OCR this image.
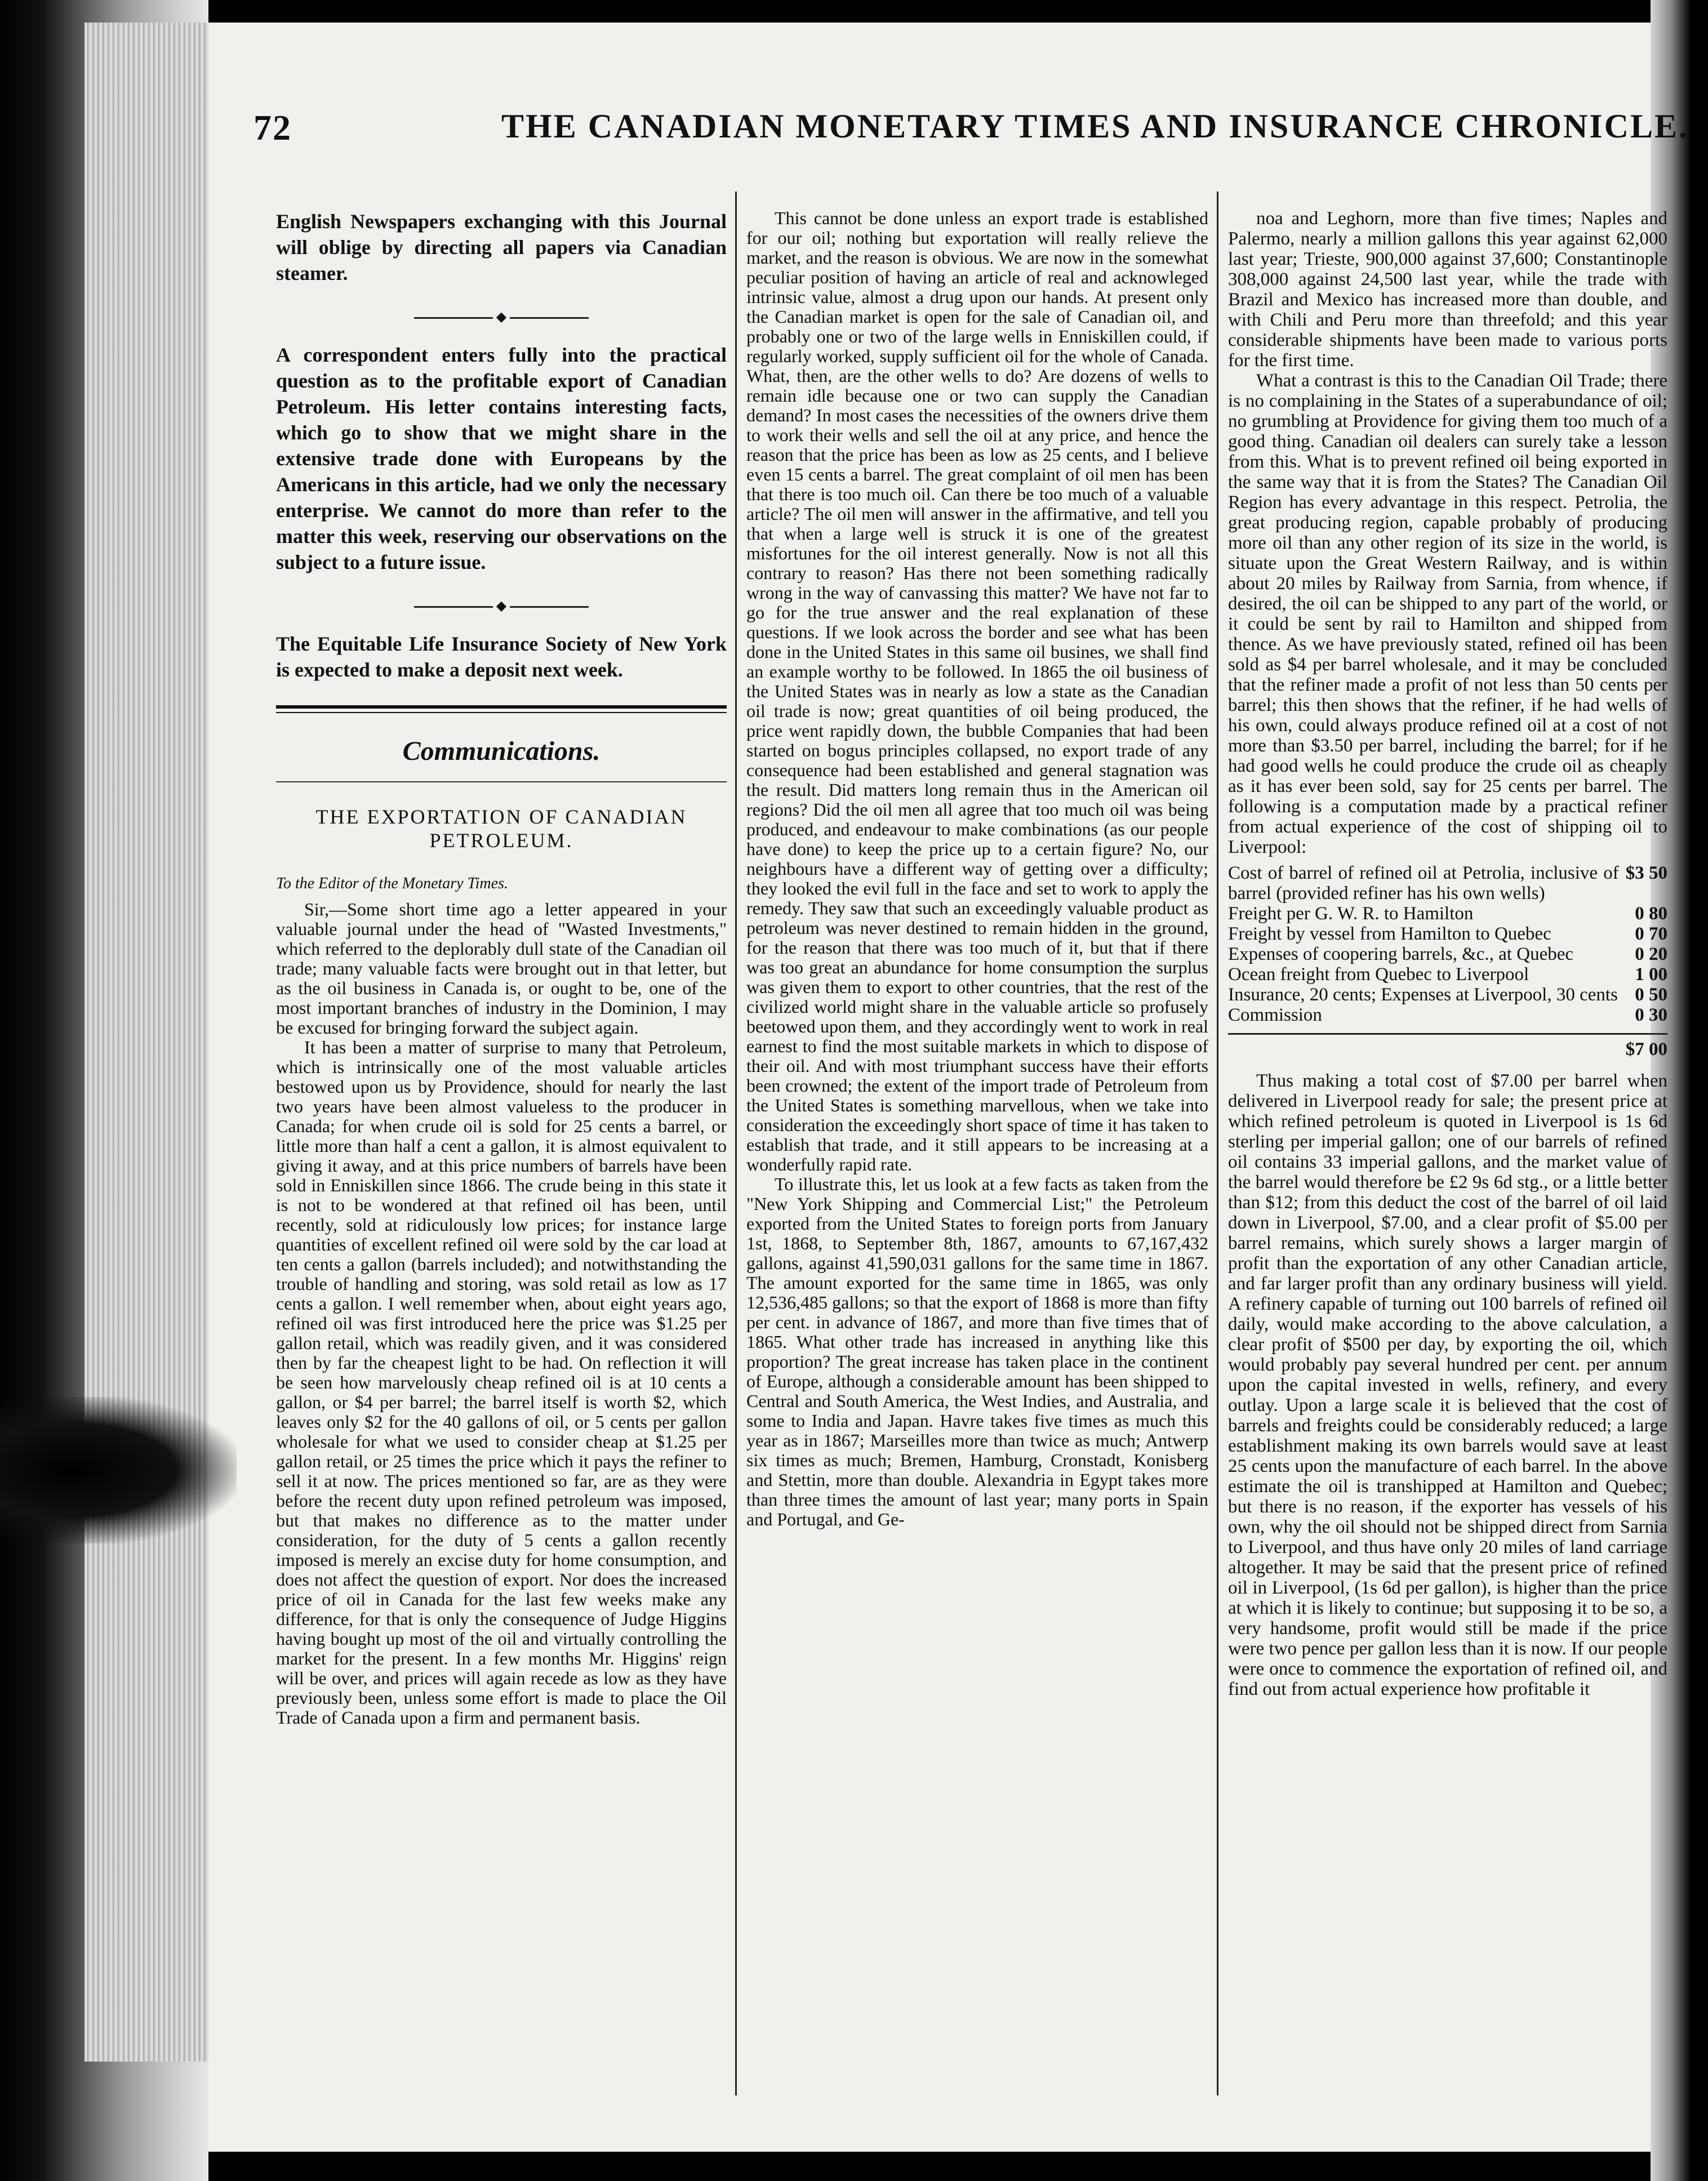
72	THE CANADIAN MONETARY TIMES AND INSURANCE CHRONICLE.

English Newspapers exchanging with this Journal will oblige by directing all papers via Canadian steamer.

◆

A correspondent enters fully into the practical question as to the profitable export of Canadian Petroleum. His letter contains interesting facts, which go to show that we might share in the extensive trade done with Europeans by the Americans in this article, had we only the necessary enterprise. We cannot do more than refer to the matter this week, reserving our observations on the subject to a future issue.

◆

The Equitable Life Insurance Society of New York is expected to make a deposit next week.

Communications.
THE EXPORTATION OF CANADIAN PETROLEUM.
To the Editor of the Monetary Times.

Sir,—Some short time ago a letter appeared in your valuable journal under the head of "Wasted Investments," which referred to the deplorably dull state of the Canadian oil trade; many valuable facts were brought out in that letter, but as the oil business in Canada is, or ought to be, one of the most important branches of industry in the Dominion, I may be excused for bringing forward the subject again.

It has been a matter of surprise to many that Petroleum, which is intrinsically one of the most valuable articles bestowed upon us by Providence, should for nearly the last two years have been almost valueless to the producer in Canada; for when crude oil is sold for 25 cents a barrel, or little more than half a cent a gallon, it is almost equivalent to giving it away, and at this price numbers of barrels have been sold in Enniskillen since 1866. The crude being in this state it is not to be wondered at that refined oil has been, until recently, sold at ridiculously low prices; for instance large quantities of excellent refined oil were sold by the car load at ten cents a gallon (barrels included); and notwithstanding the trouble of handling and storing, was sold retail as low as 17 cents a gallon. I well remember when, about eight years ago, refined oil was first introduced here the price was $1.25 per gallon retail, which was readily given, and it was considered then by far the cheapest light to be had. On reflection it will be seen how marvelously cheap refined oil is at 10 cents a gallon, or $4 per barrel; the barrel itself is worth $2, which leaves only $2 for the 40 gallons of oil, or 5 cents per gallon wholesale for what we used to consider cheap at $1.25 per gallon retail, or 25 times the price which it pays the refiner to sell it at now. The prices mentioned so far, are as they were before the recent duty upon refined petroleum was imposed, but that makes no difference as to the matter under consideration, for the duty of 5 cents a gallon recently imposed is merely an excise duty for home consumption, and does not affect the question of export. Nor does the increased price of oil in Canada for the last few weeks make any difference, for that is only the consequence of Judge Higgins having bought up most of the oil and virtually controlling the market for the present. In a few months Mr. Higgins' reign will be over, and prices will again recede as low as they have previously been, unless some effort is made to place the Oil Trade of Canada upon a firm and permanent basis.

This cannot be done unless an export trade is established for our oil; nothing but exportation will really relieve the market, and the reason is obvious. We are now in the somewhat peculiar position of having an article of real and acknowleged intrinsic value, almost a drug upon our hands. At present only the Canadian market is open for the sale of Canadian oil, and probably one or two of the large wells in Enniskillen could, if regularly worked, supply sufficient oil for the whole of Canada. What, then, are the other wells to do? Are dozens of wells to remain idle because one or two can supply the Canadian demand? In most cases the necessities of the owners drive them to work their wells and sell the oil at any price, and hence the reason that the price has been as low as 25 cents, and I believe even 15 cents a barrel. The great complaint of oil men has been that there is too much oil. Can there be too much of a valuable article? The oil men will answer in the affirmative, and tell you that when a large well is struck it is one of the greatest misfortunes for the oil interest generally. Now is not all this contrary to reason? Has there not been something radically wrong in the way of canvassing this matter? We have not far to go for the true answer and the real explanation of these questions. If we look across the border and see what has been done in the United States in this same oil busines, we shall find an example worthy to be followed. In 1865 the oil business of the United States was in nearly as low a state as the Canadian oil trade is now; great quantities of oil being produced, the price went rapidly down, the bubble Companies that had been started on bogus principles collapsed, no export trade of any consequence had been established and general stagnation was the result. Did matters long remain thus in the American oil regions? Did the oil men all agree that too much oil was being produced, and endeavour to make combinations (as our people have done) to keep the price up to a certain figure? No, our neighbours have a different way of getting over a difficulty; they looked the evil full in the face and set to work to apply the remedy. They saw that such an exceedingly valuable product as petroleum was never destined to remain hidden in the ground, for the reason that there was too much of it, but that if there was too great an abundance for home consumption the surplus was given them to export to other countries, that the rest of the civilized world might share in the valuable article so profusely beetowed upon them, and they accordingly went to work in real earnest to find the most suitable markets in which to dispose of their oil. And with most triumphant success have their efforts been crowned; the extent of the import trade of Petroleum from the United States is something marvellous, when we take into consideration the exceedingly short space of time it has taken to establish that trade, and it still appears to be increasing at a wonderfully rapid rate.

To illustrate this, let us look at a few facts as taken from the "New York Shipping and Commercial List;" the Petroleum exported from the United States to foreign ports from January 1st, 1868, to September 8th, 1867, amounts to 67,167,432 gallons, against 41,590,031 gallons for the same time in 1867. The amount exported for the same time in 1865, was only 12,536,485 gallons; so that the export of 1868 is more than fifty per cent. in advance of 1867, and more than five times that of 1865. What other trade has increased in anything like this proportion? The great increase has taken place in the continent of Europe, although a considerable amount has been shipped to Central and South America, the West Indies, and Australia, and some to India and Japan. Havre takes five times as much this year as in 1867; Marseilles more than twice as much; Antwerp six times as much; Bremen, Hamburg, Cronstadt, Konisberg and Stettin, more than double. Alexandria in Egypt takes more than three times the amount of last year; many ports in Spain and Portugal, and Ge-

noa and Leghorn, more than five times; Naples and Palermo, nearly a million gallons this year against 62,000 last year; Trieste, 900,000 against 37,600; Constantinople 308,000 against 24,500 last year, while the trade with Brazil and Mexico has increased more than double, and with Chili and Peru more than threefold; and this year considerable shipments have been made to various ports for the first time.

What a contrast is this to the Canadian Oil Trade; there is no complaining in the States of a superabundance of oil; no grumbling at Providence for giving them too much of a good thing. Canadian oil dealers can surely take a lesson from this. What is to prevent refined oil being exported in the same way that it is from the States? The Canadian Oil Region has every advantage in this respect. Petrolia, the great producing region, capable probably of producing more oil than any other region of its size in the world, is situate upon the Great Western Railway, and is within about 20 miles by Railway from Sarnia, from whence, if desired, the oil can be shipped to any part of the world, or it could be sent by rail to Hamilton and shipped from thence. As we have previously stated, refined oil has been sold as $4 per barrel wholesale, and it may be concluded that the refiner made a profit of not less than 50 cents per barrel; this then shows that the refiner, if he had wells of his own, could always produce refined oil at a cost of not more than $3.50 per barrel, including the barrel; for if he had good wells he could produce the crude oil as cheaply as it has ever been sold, say for 25 cents per barrel. The following is a computation made by a practical refiner from actual experience of the cost of shipping oil to Liverpool:

Cost of barrel of refined oil at Petrolia, inclusive of barrel (provided refiner has his own wells)
$3 50
Freight per G. W. R. to Hamilton	0 80
Freight by vessel from Hamilton to Quebec	0 70
Expenses of coopering barrels, &c., at Quebec	0 20
Ocean freight from Quebec to Liverpool	1 00
Insurance, 20 cents; Expenses at Liverpool, 30 cents 0 50
Commission	0 30
$7 00

Thus making a total cost of $7.00 per barrel when delivered in Liverpool ready for sale; the present price at which refined petroleum is quoted in Liverpool is 1s 6d sterling per imperial gallon; one of our barrels of refined oil contains 33 imperial gallons, and the market value of the barrel would therefore be £2 9s 6d stg., or a little better than $12; from this deduct the cost of the barrel of oil laid down in Liverpool, $7.00, and a clear profit of $5.00 per barrel remains, which surely shows a larger margin of profit than the exportation of any other Canadian article, and far larger profit than any ordinary business will yield. A refinery capable of turning out 100 barrels of refined oil daily, would make according to the above calculation, a clear profit of $500 per day, by exporting the oil, which would probably pay several hundred per cent. per annum upon the capital invested in wells, refinery, and every outlay. Upon a large scale it is believed that the cost of barrels and freights could be considerably reduced; a large establishment making its own barrels would save at least 25 cents upon the manufacture of each barrel. In the above estimate the oil is transhipped at Hamilton and Quebec; but there is no reason, if the exporter has vessels of his own, why the oil should not be shipped direct from Sarnia to Liverpool, and thus have only 20 miles of land carriage altogether. It may be said that the present price of refined oil in Liverpool, (1s 6d per gallon), is higher than the price at which it is likely to continue; but supposing it to be so, a very handsome, profit would still be made if the price were two pence per gallon less than it is now. If our people were once to commence the exportation of refined oil, and find out from actual experience how profitable it
